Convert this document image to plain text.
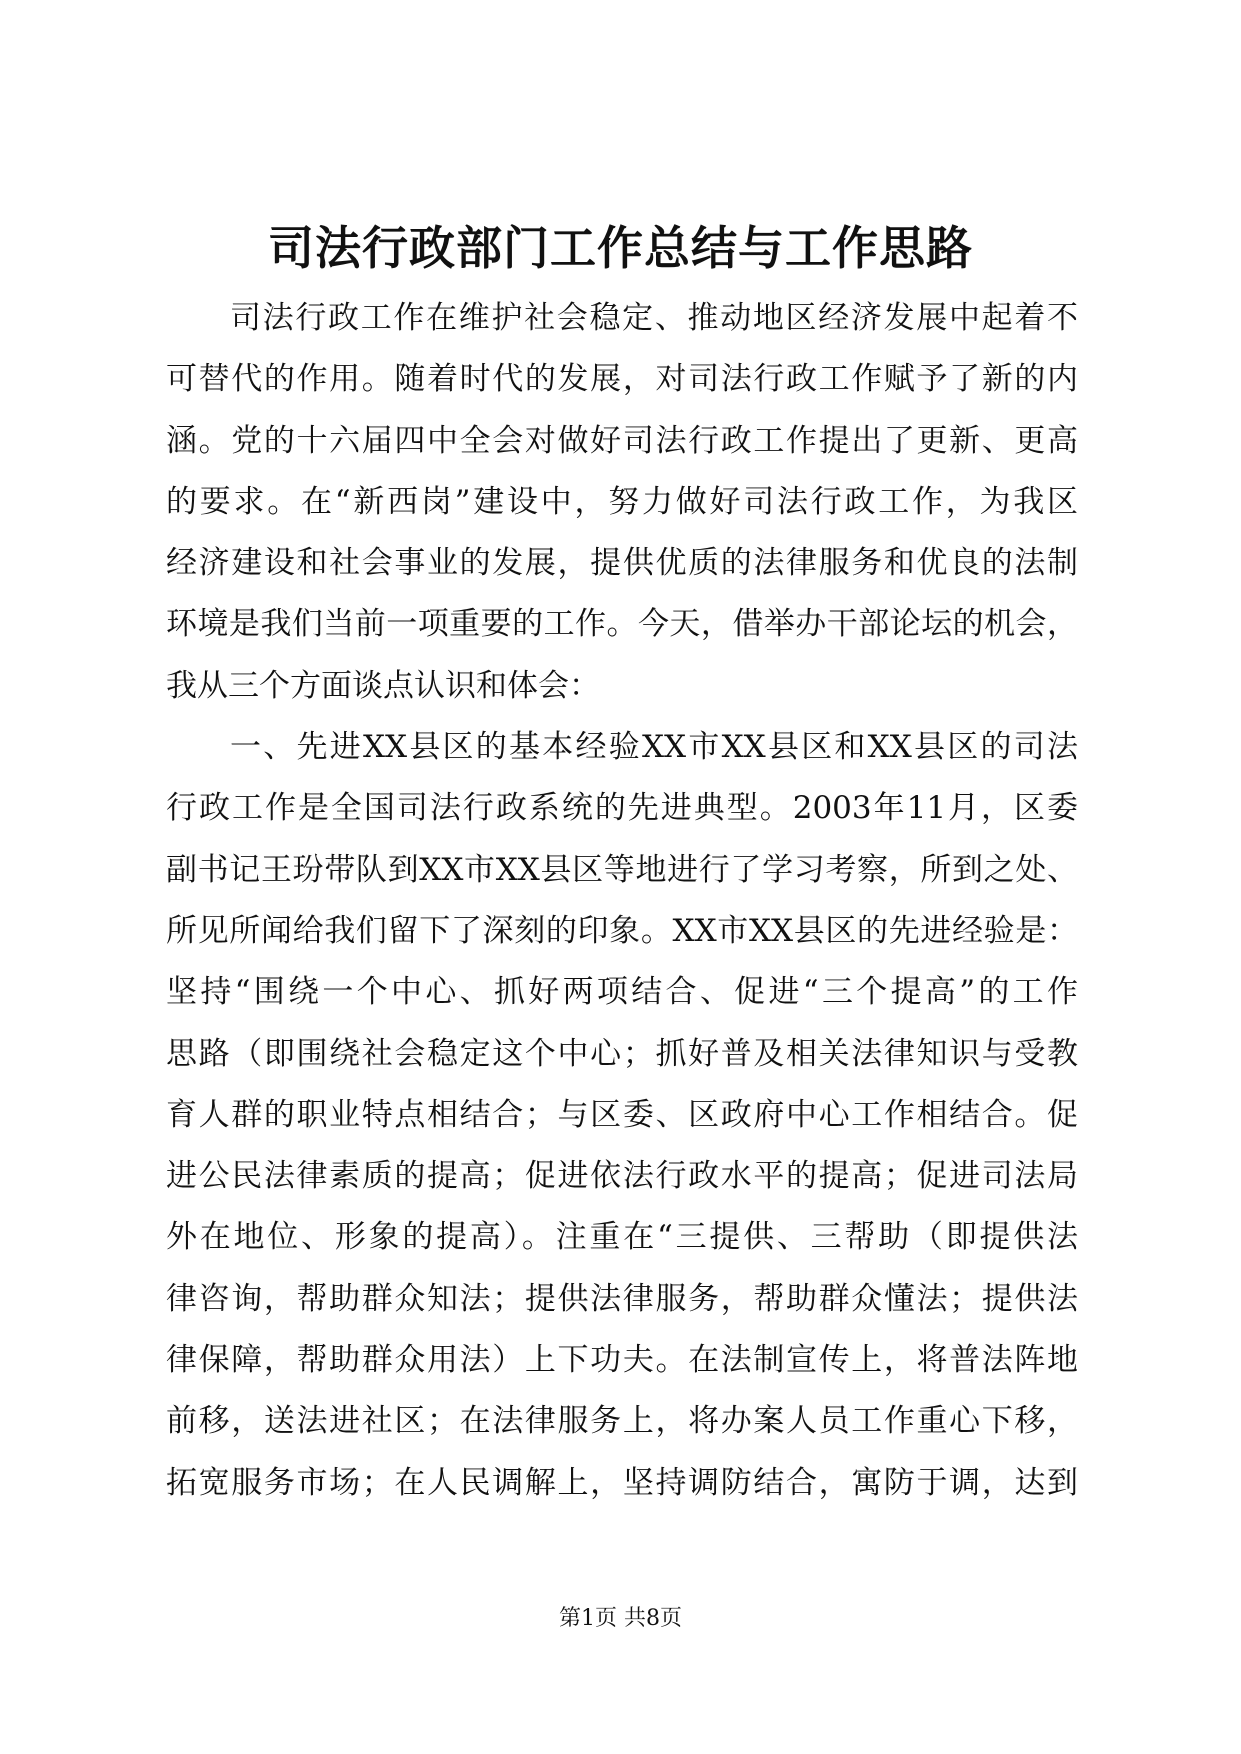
司法行政部门工作总结与工作思路
司法行政工作在维护社会稳定、推动地区经济发展中起着不
可替代的作用。随着时代的发展，对司法行政工作赋予了新的内
涵。党的十六届四中全会对做好司法行政工作提出了更新、更高
的要求。在“新西岗”建设中，努力做好司法行政工作，为我区
经济建设和社会事业的发展，提供优质的法律服务和优良的法制
环境是我们当前一项重要的工作。今天，借举办干部论坛的机会，
我从三个方面谈点认识和体会：
一、先进XX县区的基本经验XX市XX县区和XX县区的司法
行政工作是全国司法行政系统的先进典型。2003年11月，区委
副书记王玢带队到XX市XX县区等地进行了学习考察，所到之处、
所见所闻给我们留下了深刻的印象。XX市XX县区的先进经验是：
坚持“围绕一个中心、抓好两项结合、促进“三个提高”的工作
思路（即围绕社会稳定这个中心；抓好普及相关法律知识与受教
育人群的职业特点相结合；与区委、区政府中心工作相结合。促
进公民法律素质的提高；促进依法行政水平的提高；促进司法局
外在地位、形象的提高）。注重在“三提供、三帮助（即提供法
律咨询，帮助群众知法；提供法律服务，帮助群众懂法；提供法
律保障，帮助群众用法）上下功夫。在法制宣传上，将普法阵地
前移，送法进社区；在法律服务上，将办案人员工作重心下移，
拓宽服务市场；在人民调解上，坚持调防结合，寓防于调，达到
第1页 共8页
